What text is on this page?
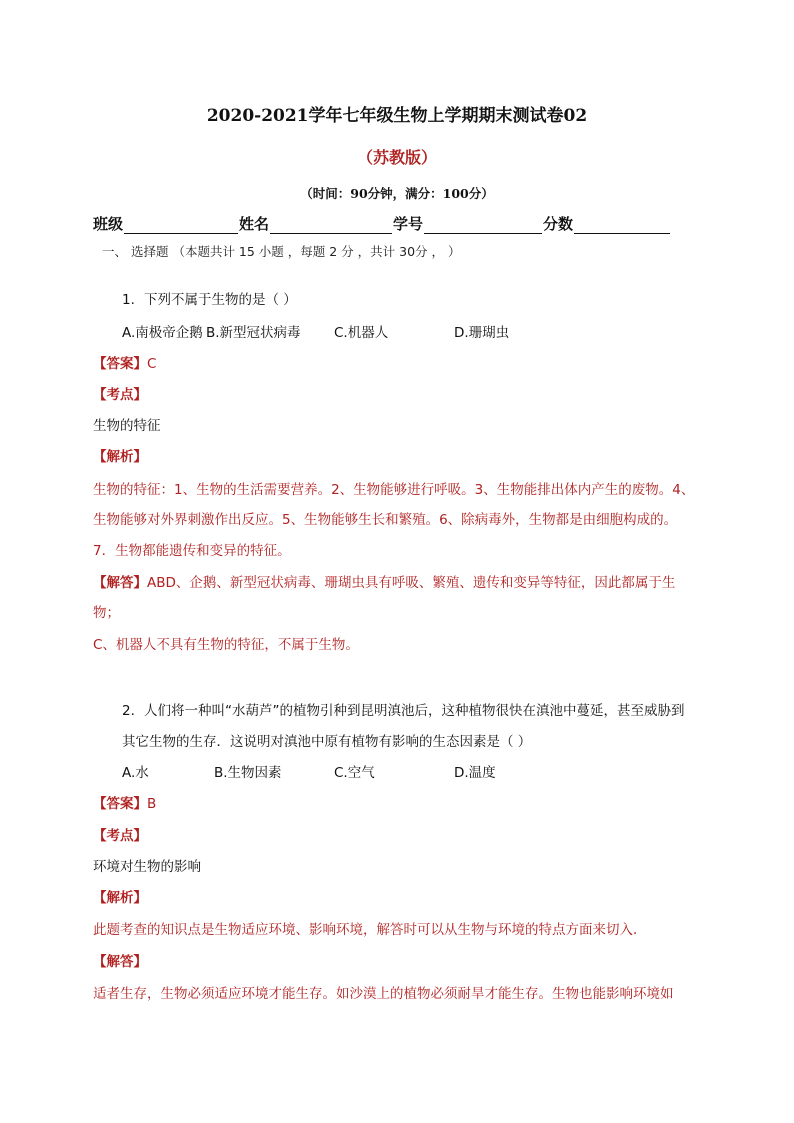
2020-2021学年七年级生物上学期期末测试卷02
（苏教版）
（时间：90分钟，满分：100分）
班级	姓名	学号	分数
一、 选择题 （本题共计 15 小题 ，每题 2 分 ，共计 30分 ， ）
1. 下列不属于生物的是（ ）
A.南极帝企鹅 B.新型冠状病毒 C.机器人	D.珊瑚虫
【答案】C
【考点】
生物的特征
【解析】
生物的特征：1、生物的生活需要营养。2、生物能够进行呼吸。3、生物能排出体内产生的废物。4、
生物能够对外界刺激作出反应。5、生物能够生长和繁殖。6、除病毒外，生物都是由细胞构成的。
7．生物都能遗传和变异的特征。
【解答】ABD、企鹅、新型冠状病毒、珊瑚虫具有呼吸、繁殖、遗传和变异等特征，因此都属于生
物；
C、机器人不具有生物的特征，不属于生物。
2. 人们将一种叫“水葫芦”的植物引种到昆明滇池后，这种植物很快在滇池中蔓延，甚至威胁到
其它生物的生存．这说明对滇池中原有植物有影响的生态因素是（ ）
A.水	B.生物因素	C.空气	D.温度
【答案】B
【考点】
环境对生物的影响
【解析】
此题考查的知识点是生物适应环境、影响环境，解答时可以从生物与环境的特点方面来切入．
【解答】
适者生存，生物必须适应环境才能生存。如沙漠上的植物必须耐旱才能生存。生物也能影响环境如
